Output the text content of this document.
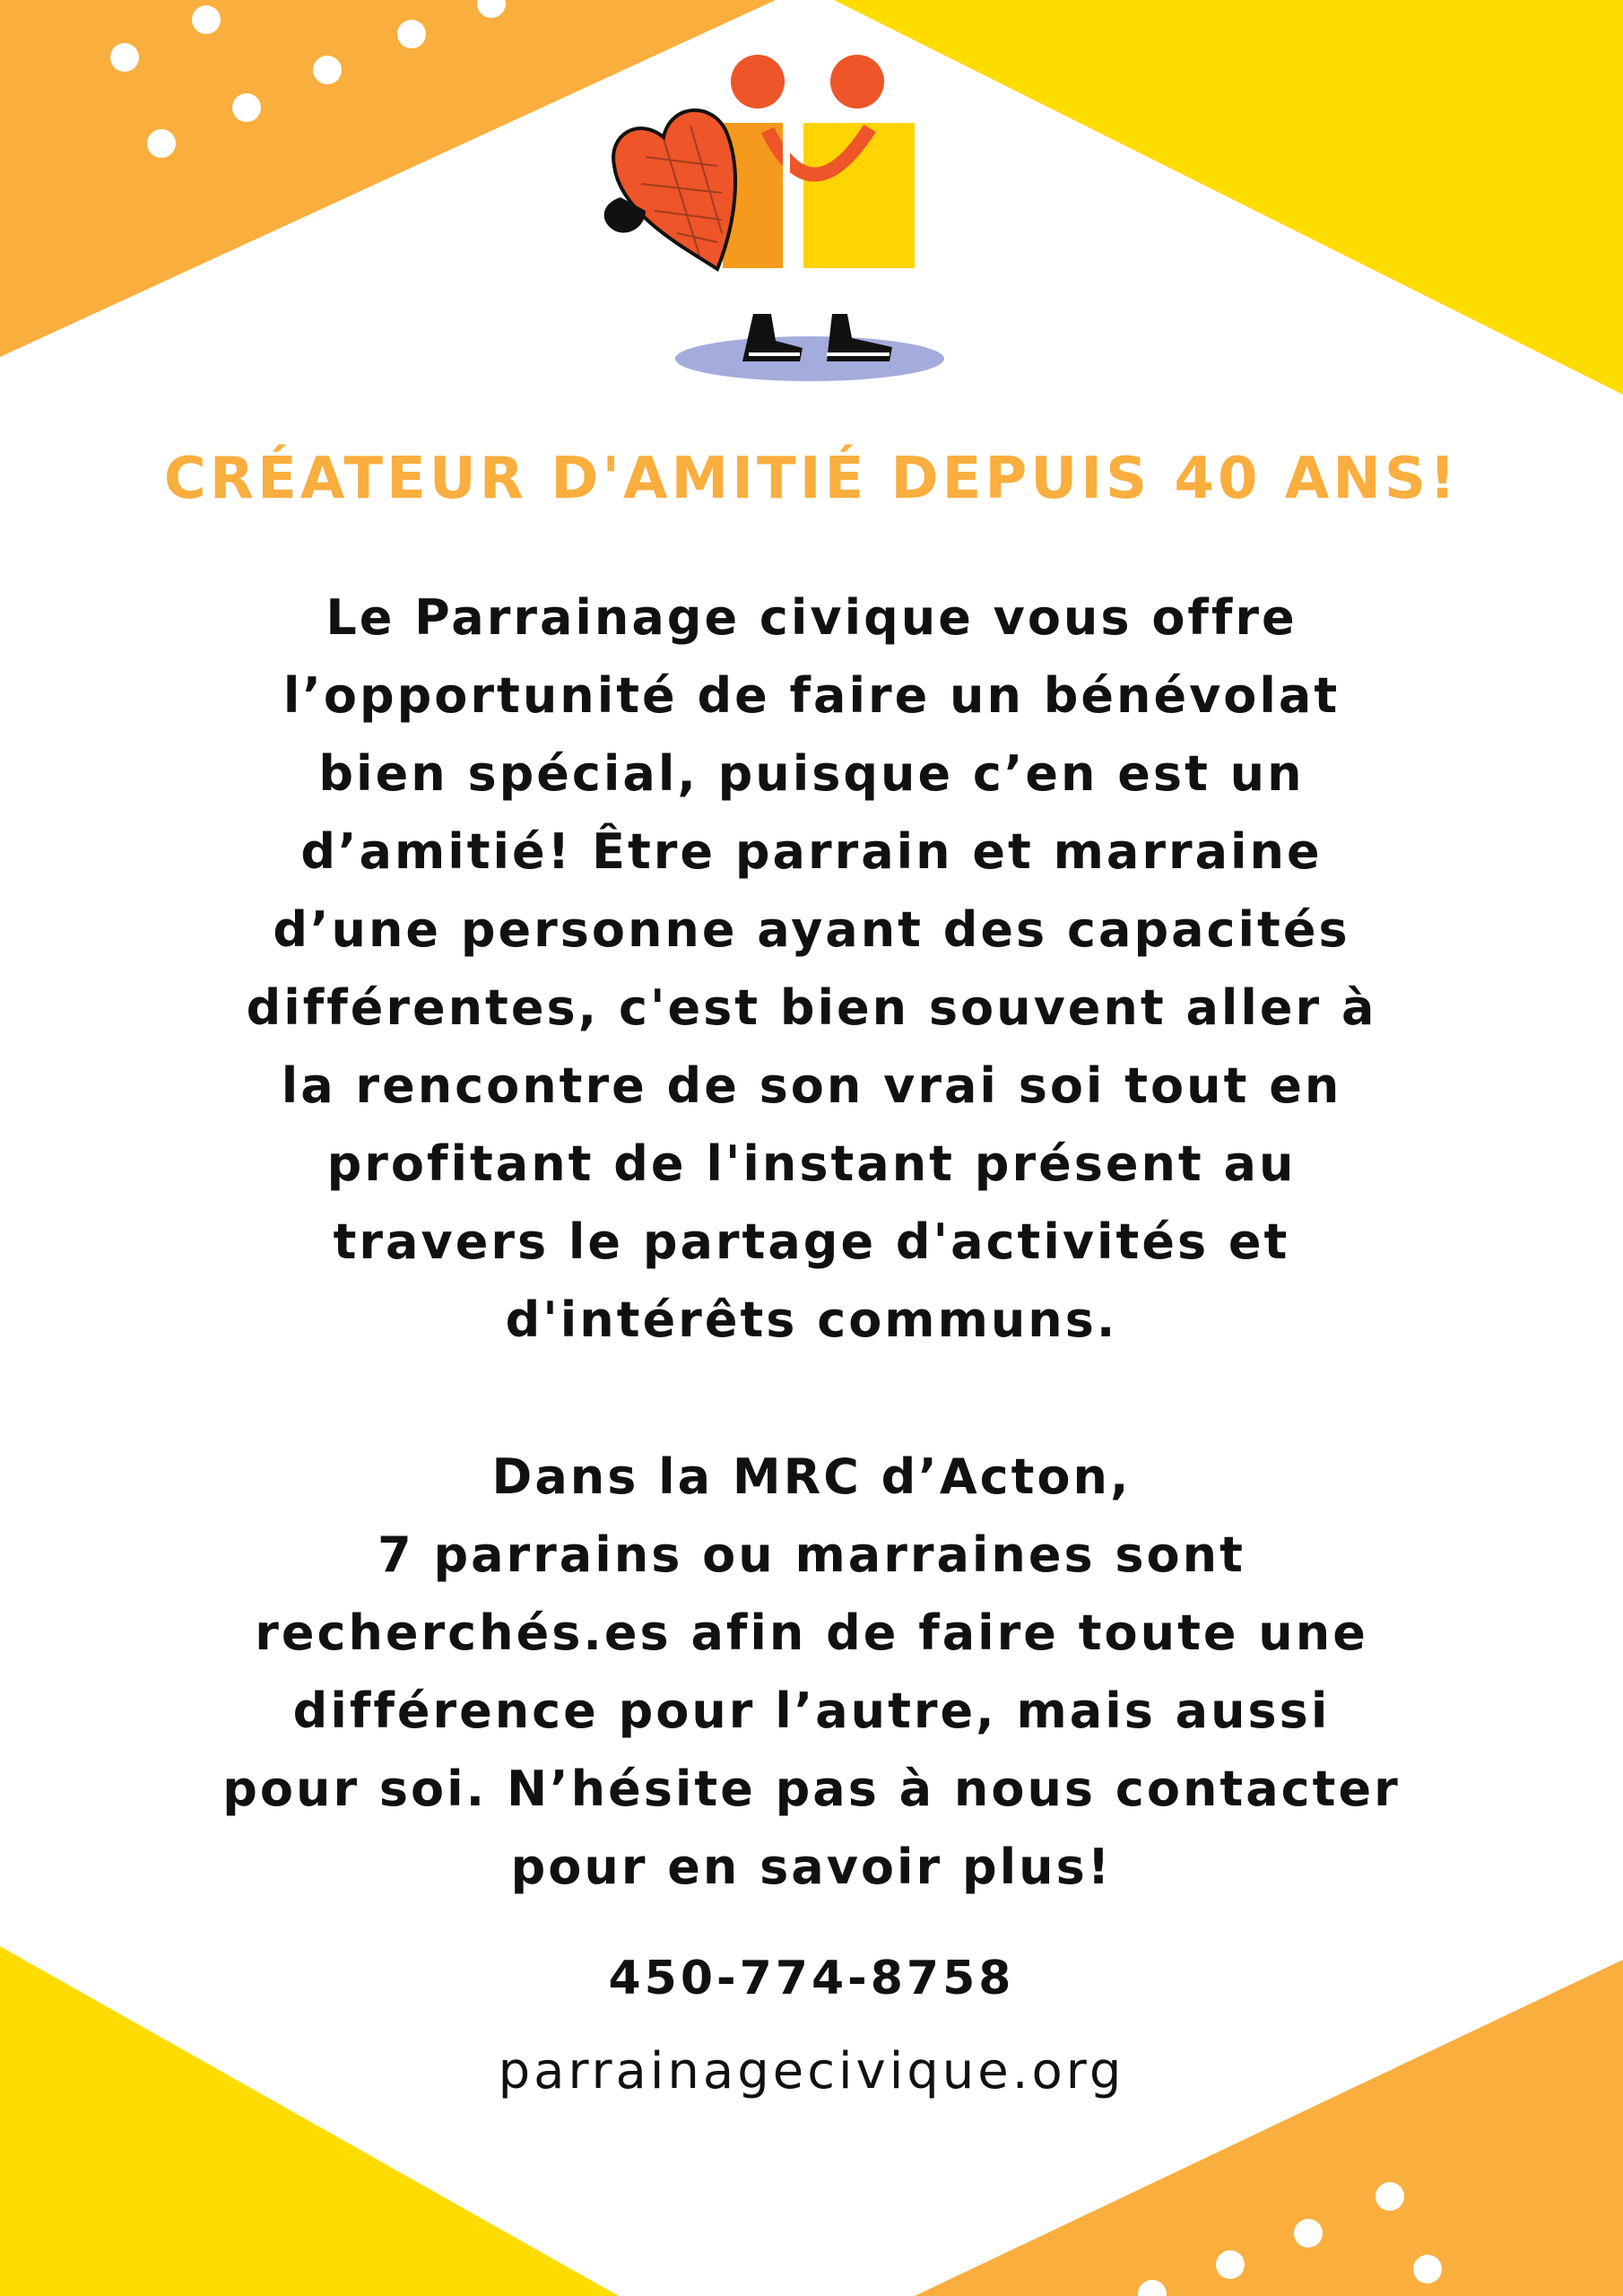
CRÉATEUR D'AMITIÉ DEPUIS 40 ANS!

Le Parrainage civique vous offre
l’opportunité de faire un bénévolat
bien spécial, puisque c’en est un
d’amitié! Être parrain et marraine
d’une personne ayant des capacités
différentes, c'est bien souvent aller à
la rencontre de son vrai soi tout en
profitant de l'instant présent au
travers le partage d'activités et
d'intérêts communs.

Dans la MRC d’Acton,
7 parrains ou marraines sont
recherchés.es afin de faire toute une
différence pour l’autre, mais aussi
pour soi. N’hésite pas à nous contacter
pour en savoir plus!

450-774-8758
parrainagecivique.org
